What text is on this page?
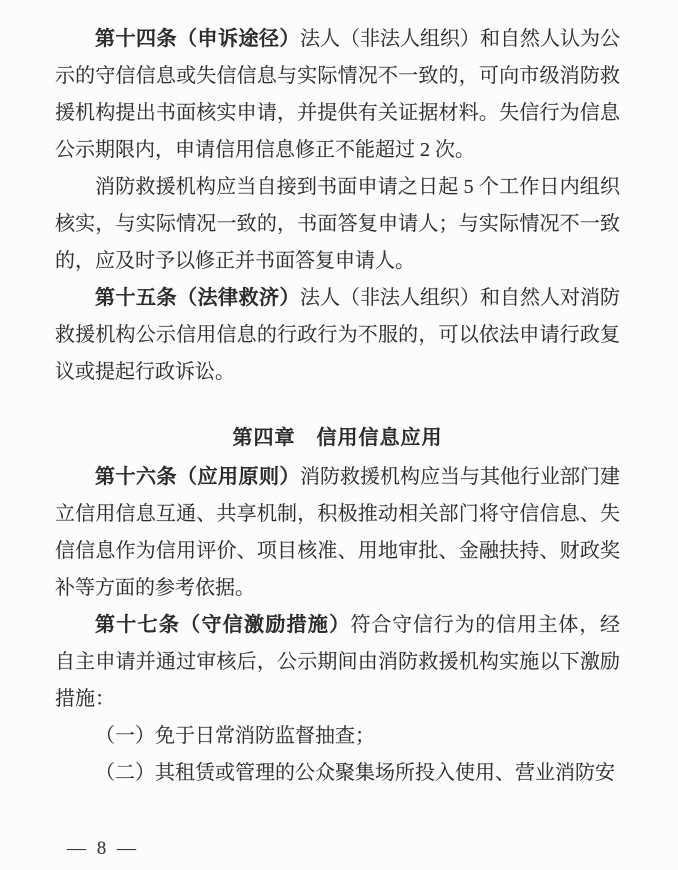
第十四条（申诉途径）法人（非法人组织）和自然人认为公示的守信信息或失信信息与实际情况不一致的，可向市级消防救援机构提出书面核实申请，并提供有关证据材料。失信行为信息公示期限内，申请信用信息修正不能超过 2 次。

消防救援机构应当自接到书面申请之日起 5 个工作日内组织核实，与实际情况一致的，书面答复申请人；与实际情况不一致的，应及时予以修正并书面答复申请人。

第十五条（法律救济）法人（非法人组织）和自然人对消防救援机构公示信用信息的行政行为不服的，可以依法申请行政复议或提起行政诉讼。

第四章　信用信息应用

第十六条（应用原则）消防救援机构应当与其他行业部门建立信用信息互通、共享机制，积极推动相关部门将守信信息、失信信息作为信用评价、项目核准、用地审批、金融扶持、财政奖补等方面的参考依据。

第十七条（守信激励措施）符合守信行为的信用主体，经自主申请并通过审核后，公示期间由消防救援机构实施以下激励措施：

（一）免于日常消防监督抽查；

（二）其租赁或管理的公众聚集场所投入使用、营业消防安

— 8 —
